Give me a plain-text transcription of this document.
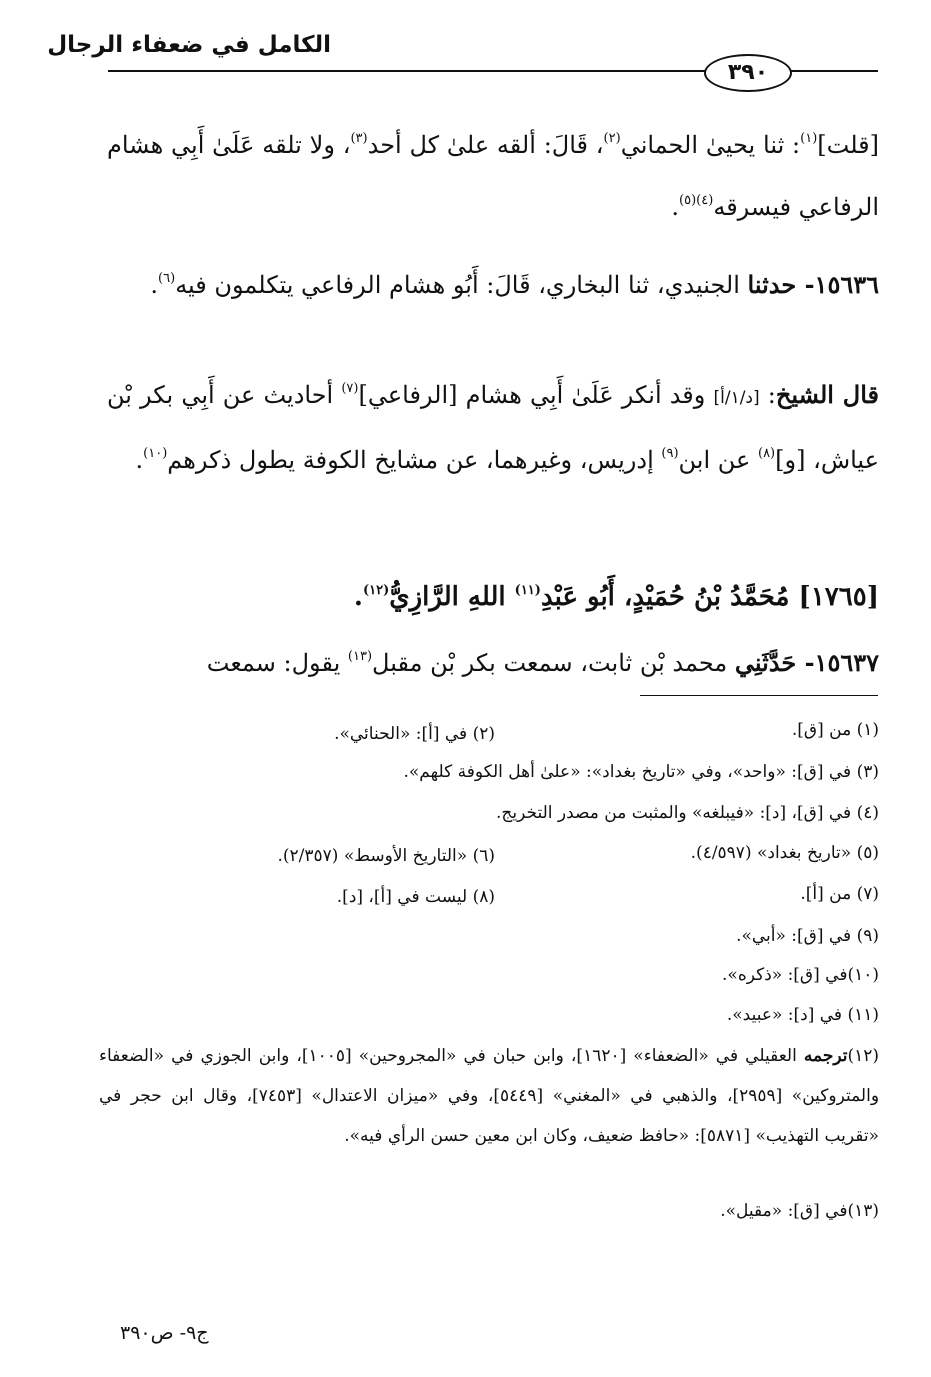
الكامل في ضعفاء الرجال
٣٩٠
[قلت]$^{(١)}$: ثنا يحيىٰ الحماني$^{(٢)}$، قَالَ: ألقه علىٰ كل أحد$^{(٣)}$، ولا تلقه عَلَىٰ أَبِي هشام الرفاعي فيسرقه$^{(٤)(٥)}$.
١٥٦٣٦- حدثنا الجنيدي، ثنا البخاري، قَالَ: أَبُو هشام الرفاعي يتكلمون فيه$^{(٦)}$.
قال الشيخ: [د/١/أ] وقد أنكر عَلَىٰ أَبِي هشام [الرفاعي]$^{(٧)}$ أحاديث عن أَبِي بكر بْن عياش، [و]$^{(٨)}$ عن ابن$^{(٩)}$ إدريس، وغيرهما، عن مشايخ الكوفة يطول ذكرهم$^{(١٠)}$.
[١٧٦٥] مُحَمَّدُ بْنُ حُمَيْدٍ، أَبُو عَبْدِ$^{(١١)}$ اللهِ الرَّازِيُّ$^{(١٢)}$.
١٥٦٣٧- حَدَّثَنِي محمد بْن ثابت، سمعت بكر بْن مقبل$^{(١٣)}$ يقول: سمعت
(١) من [ق].
(٢) في [أ]: «الحنائي».
(٣) في [ق]: «واحد»، وفي «تاريخ بغداد»: «علىٰ أهل الكوفة كلهم».
(٤) في [ق]، [د]: «فيبلغه» والمثبت من مصدر التخريج.
(٥) «تاريخ بغداد» (٤/٥٩٧).
(٦) «التاريخ الأوسط» (٢/٣٥٧).
(٧) من [أ].
(٨) ليست في [أ]، [د].
(٩) في [ق]: «أبي».
(١٠)في [ق]: «ذكره».
(١١) في [د]: «عبيد».
(١٢)ترجمه العقيلي في «الضعفاء» [١٦٢٠]، وابن حبان في «المجروحين» [١٠٠٥]، وابن الجوزي في «الضعفاء والمتروكين» [٢٩٥٩]، والذهبي في «المغني» [٥٤٤٩]، وفي «ميزان الاعتدال» [٧٤٥٣]، وقال ابن حجر في «تقريب التهذيب» [٥٨٧١]: «حافظ ضعيف، وكان ابن معين حسن الرأي فيه».
(١٣)في [ق]: «مقيل».
ج٩- ص٣٩٠
